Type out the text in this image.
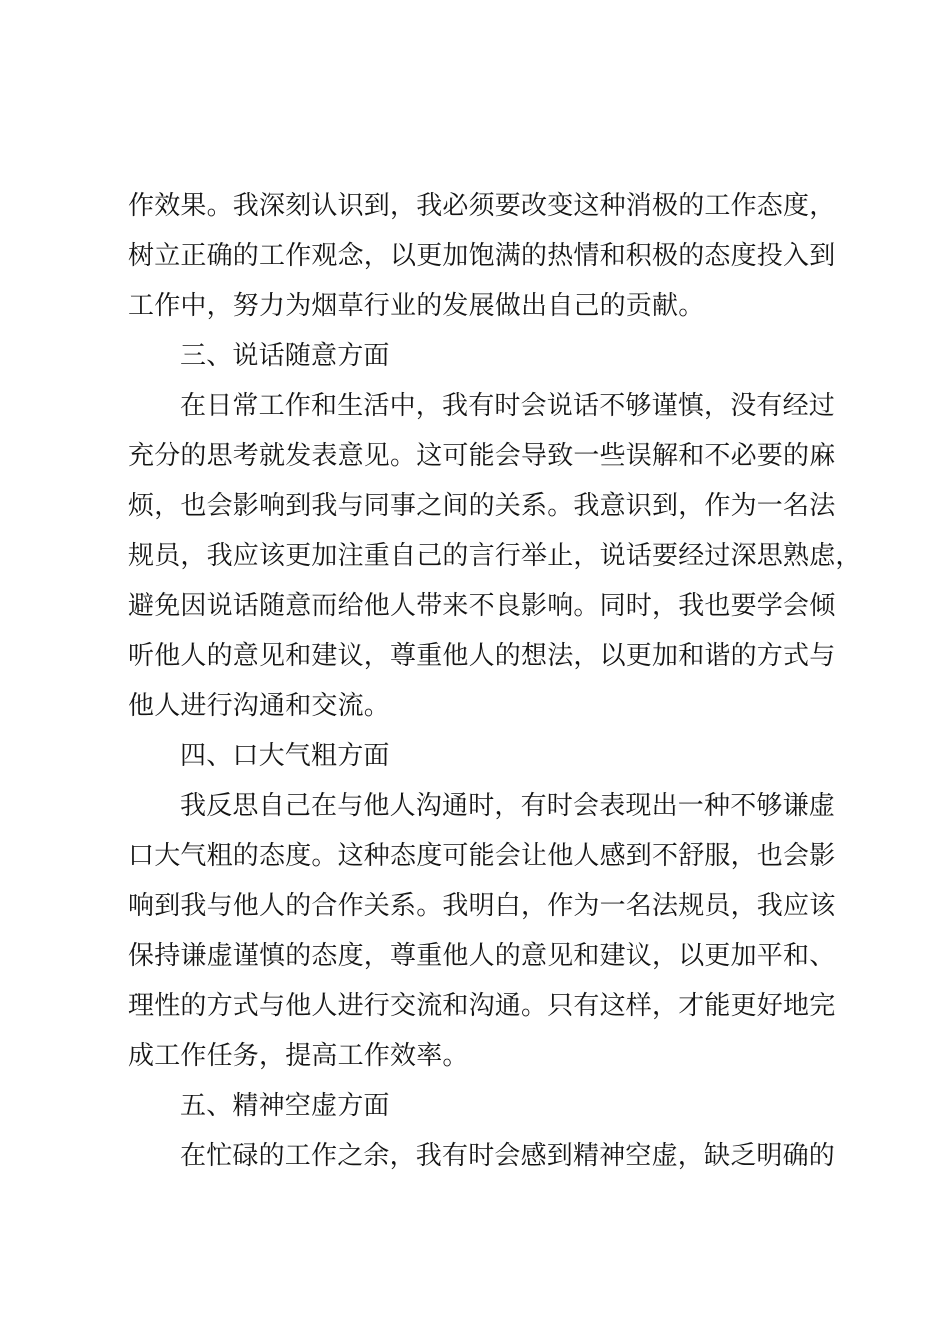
作效果。我深刻认识到，我必须要改变这种消极的工作态度，
树立正确的工作观念，以更加饱满的热情和积极的态度投入到
工作中，努力为烟草行业的发展做出自己的贡献。
三、说话随意方面
在日常工作和生活中，我有时会说话不够谨慎，没有经过
充分的思考就发表意见。这可能会导致一些误解和不必要的麻
烦，也会影响到我与同事之间的关系。我意识到，作为一名法
规员，我应该更加注重自己的言行举止，说话要经过深思熟虑，
避免因说话随意而给他人带来不良影响。同时，我也要学会倾
听他人的意见和建议，尊重他人的想法，以更加和谐的方式与
他人进行沟通和交流。
四、口大气粗方面
我反思自己在与他人沟通时，有时会表现出一种不够谦虚
口大气粗的态度。这种态度可能会让他人感到不舒服，也会影
响到我与他人的合作关系。我明白，作为一名法规员，我应该
保持谦虚谨慎的态度，尊重他人的意见和建议，以更加平和、
理性的方式与他人进行交流和沟通。只有这样，才能更好地完
成工作任务，提高工作效率。
五、精神空虚方面
在忙碌的工作之余，我有时会感到精神空虚，缺乏明确的
